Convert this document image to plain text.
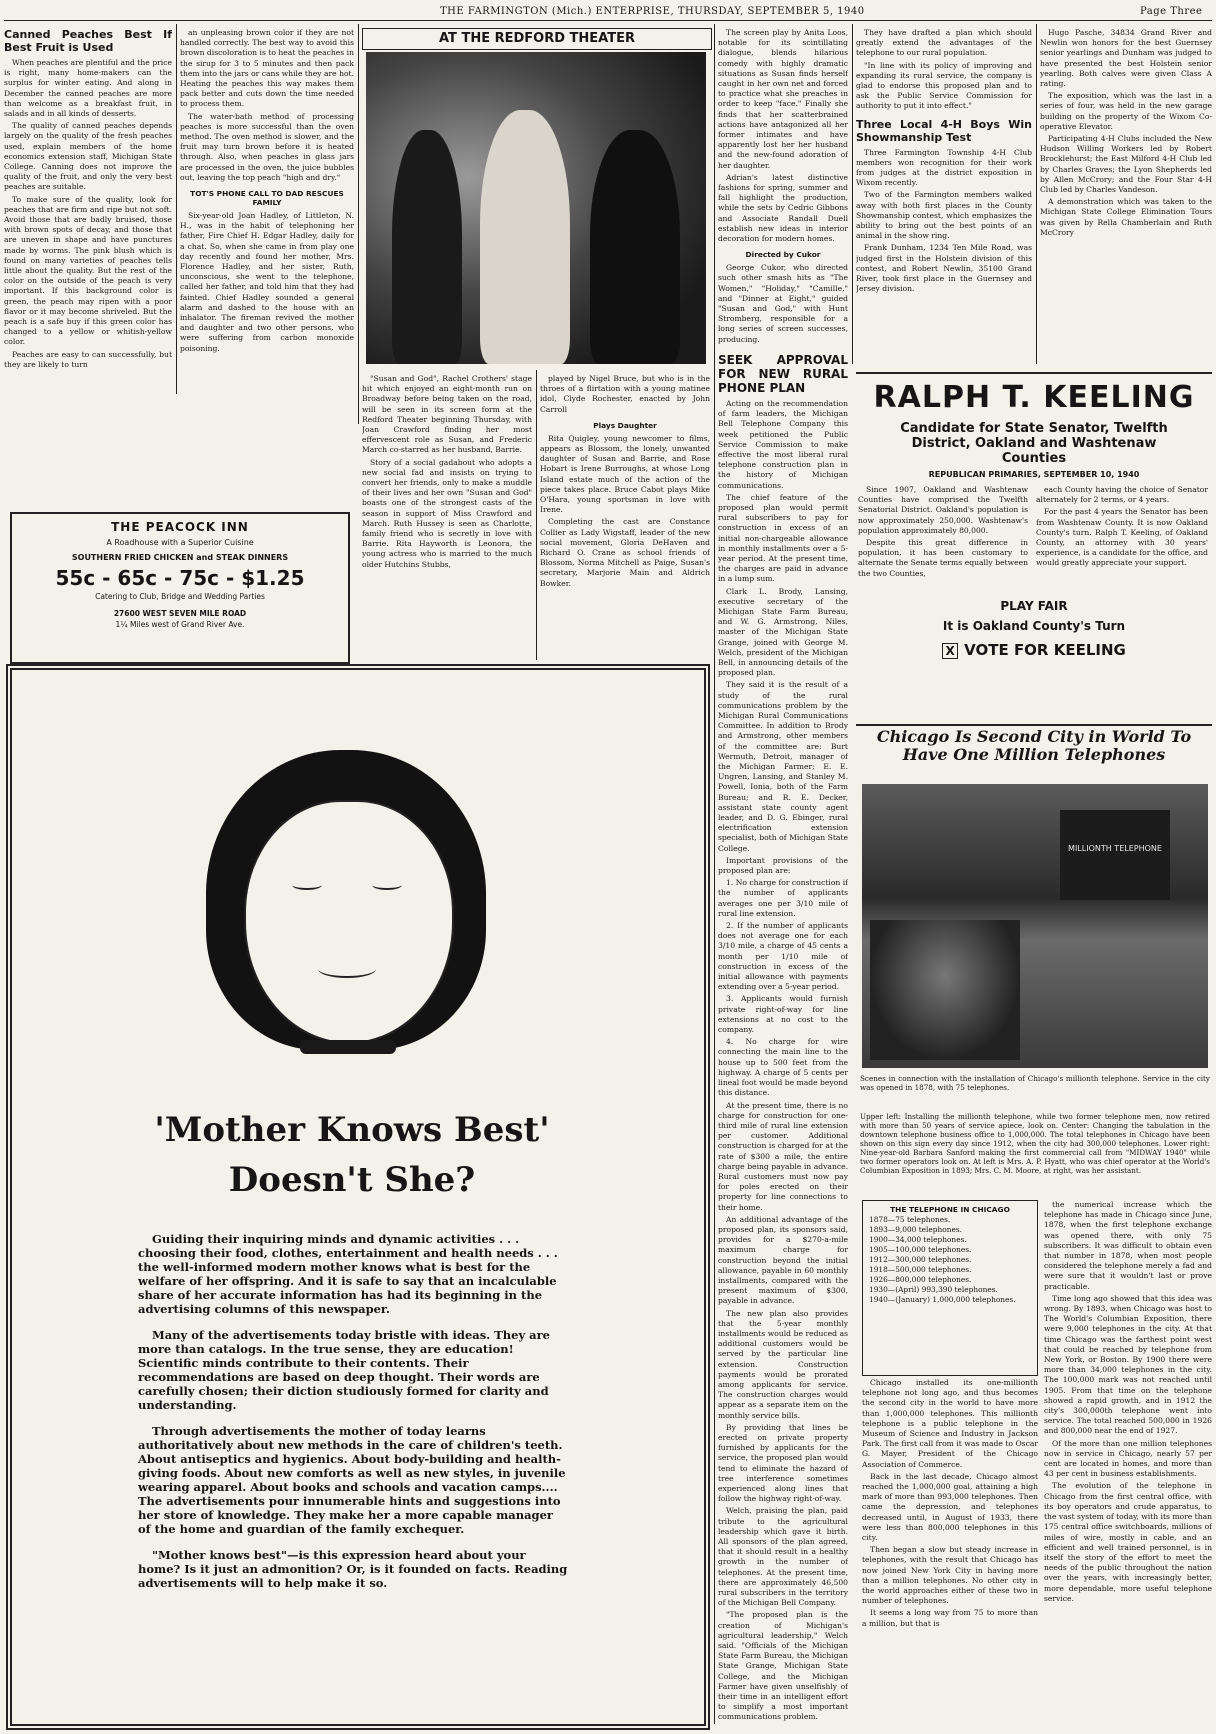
THE FARMINGTON (Mich.) ENTERPRISE, THURSDAY, SEPTEMBER 5, 1940	Page Three
Canned Peaches Best If Best Fruit is Used

When peaches are plentiful and the price is right, many home-makers can the surplus for winter eating. And along in December the canned peaches are more than welcome as a breakfast fruit, in salads and in all kinds of desserts.

The quality of canned peaches depends largely on the quality of the fresh peaches used, explain members of the home economics extension staff, Michigan State College. Canning does not improve the quality of the fruit, and only the very best peaches are suitable.

To make sure of the quality, look for peaches that are firm and ripe but not soft. Avoid those that are badly bruised, those with brown spots of decay, and those that are uneven in shape and have punctures made by worms. The pink blush which is found on many varieties of peaches tells little about the quality. But the rest of the color on the outside of the peach is very important. If this background color is green, the peach may ripen with a poor flavor or it may become shriveled. But the peach is a safe buy if this green color has changed to a yellow or whitish-yellow color.

Peaches are easy to can successfully, but they are likely to turn

an unpleasing brown color if they are not handled correctly. The best way to avoid this brown discoloration is to heat the peaches in the sirup for 3 to 5 minutes and then pack them into the jars or cans while they are hot. Heating the peaches this way makes them pack better and cuts down the time needed to process them.

The water-bath method of processing peaches is more successful than the oven method. The oven method is slower, and the fruit may turn brown before it is heated through. Also, when peaches in glass jars are processed in the oven, the juice bubbles out, leaving the top peach "high and dry."

TOT'S PHONE CALL TO DAD RESCUES FAMILY

Six-year-old Joan Hadley, of Littleton, N. H., was in the habit of telephoning her father, Fire Chief H. Edgar Hadley, daily for a chat. So, when she came in from play one day recently and found her mother, Mrs. Florence Hadley, and her sister, Ruth, unconscious, she went to the telephone, called her father, and told him that they had fainted. Chief Hadley sounded a general alarm and dashed to the house with an inhalator. The fireman revived the mother and daughter and two other persons, who were suffering from carbon monoxide poisoning.

THE PEACOCK INN
A Roadhouse with a Superior Cuisine
SOUTHERN FRIED CHICKEN and STEAK DINNERS
55c - 65c - 75c - $1.25
Catering to Club, Bridge and Wedding Parties
27600 WEST SEVEN MILE ROAD
1¼ Miles west of Grand River Ave.
AT THE REDFORD THEATER

"Susan and God", Rachel Crothers' stage hit which enjoyed an eight-month run on Broadway before being taken on the road, will be seen in its screen form at the Redford Theater beginning Thursday, with Joan Crawford finding her most effervescent role as Susan, and Frederic March co-starred as her husband, Barrie.

Story of a social gadabout who adopts a new social fad and insists on trying to convert her friends, only to make a muddle of their lives and her own "Susan and God" boasts one of the strongest casts of the season in support of Miss Crawford and March. Ruth Hussey is seen as Charlotte, family friend who is secretly in love with Barrie. Rita Hayworth is Leonora, the young actress who is married to the much older Hutchins Stubbs,

played by Nigel Bruce, but who is in the throes of a flirtation with a young matinee idol, Clyde Rochester, enacted by John Carroll

Plays Daughter

Rita Quigley, young newcomer to films, appears as Blossom, the lonely, unwanted daughter of Susan and Barrie, and Rose Hobart is Irene Burroughs, at whose Long Island estate much of the action of the piece takes place. Bruce Cabot plays Mike O'Hara, young sportsman in love with Irene.

Completing the cast are Constance Collier as Lady Wigstaff, leader of the new social movement, Gloria DeHaven and Richard O. Crane as school friends of Blossom, Norma Mitchell as Paige, Susan's secretary, Marjorie Main and Aldrich Bowker.

The screen play by Anita Loos, notable for its scintillating dialogue, blends hilarious comedy with highly dramatic situations as Susan finds herself caught in her own net and forced to practice what she preaches in order to keep "face." Finally she finds that her scatterbrained actions have antagonized all her former intimates and have apparently lost her her husband and the new-found adoration of her daughter.

Adrian's latest distinctive fashions for spring, summer and fall highlight the production, while the sets by Cedric Gibbons and Associate Randall Duell establish new ideas in interior decoration for modern homes.

Directed by Cukor

George Cukor, who directed such other smash hits as "The Women," "Holiday," "Camille," and "Dinner at Eight," guided "Susan and God," with Hunt Stromberg, responsible for a long series of screen successes, producing.

SEEK APPROVAL FOR NEW RURAL PHONE PLAN

Acting on the recommendation of farm leaders, the Michigan Bell Telephone Company this week petitioned the Public Service Commission to make effective the most liberal rural telephone construction plan in the history of Michigan communications.

The chief feature of the proposed plan would permit rural subscribers to pay for construction in excess of an initial non-chargeable allowance in monthly installments over a 5-year period. At the present time, the charges are paid in advance in a lump sum.

Clark L. Brody, Lansing, executive secretary of the Michigan State Farm Bureau, and W. G. Armstrong, Niles, master of the Michigan State Grange, joined with George M. Welch, president of the Michigan Bell, in announcing details of the proposed plan.

They said it is the result of a study of the rural communications problem by the Michigan Rural Communications Committee. In addition to Brody and Armstrong, other members of the committee are: Burt Wermuth, Detroit, manager of the Michigan Farmer; E. E. Ungren, Lansing, and Stanley M. Powell, Ionia, both of the Farm Bureau; and R. E. Decker, assistant state county agent leader, and D. G. Ebinger, rural electrification extension specialist, both of Michigan State College.

Important provisions of the proposed plan are:

1. No charge for construction if the number of applicants averages one per 3/10 mile of rural line extension.

2. If the number of applicants does not average one for each 3/10 mile, a charge of 45 cents a month per 1/10 mile of construction in excess of the initial allowance with payments extending over a 5-year period.

3. Applicants would furnish private right-of-way for line extensions at no cost to the company.

4. No charge for wire connecting the main line to the house up to 500 feet from the highway. A charge of 5 cents per lineal foot would be made beyond this distance.

At the present time, there is no charge for construction for one-third mile of rural line extension per customer. Additional construction is charged for at the rate of $300 a mile, the entire charge being payable in advance. Rural customers must now pay for poles erected on their property for line connections to their home.

An additional advantage of the proposed plan, its sponsors said, provides for a $270-a-mile maximum charge for construction beyond the initial allowance, payable in 60 monthly installments, compared with the present maximum of $300, payable in advance.

The new plan also provides that the 5-year monthly installments would be reduced as additional customers would be served by the particular line extension. Construction payments would be prorated among applicants for service. The construction charges would appear as a separate item on the monthly service bills.

By providing that lines be erected on private property furnished by applicants for the service, the proposed plan would tend to eliminate the hazard of tree interference sometimes experienced along lines that follow the highway right-of-way.

Welch, praising the plan, paid tribute to the agricultural leadership which gave it birth. All sponsors of the plan agreed, that it should result in a healthy growth in the number of telephones. At the present time, there are approximately 46,500 rural subscribers in the territory of the Michigan Bell Company.

"The proposed plan is the creation of Michigan's agricultural leadership," Welch said. "Officials of the Michigan State Farm Bureau, the Michigan State Grange, Michigan State College, and the Michigan Farmer have given unselfishly of their time in an intelligent effort to simplify a most important communications problem.

They have drafted a plan which should greatly extend the advantages of the telephone to our rural population.

"In line with its policy of improving and expanding its rural service, the company is glad to endorse this proposed plan and to ask the Public Service Commission for authority to put it into effect."

Three Local 4-H Boys Win Showmanship Test

Three Farmington Township 4-H Club members won recognition for their work from judges at the district exposition in Wixom recently.

Two of the Farmington members walked away with both first places in the County Showmanship contest, which emphasizes the ability to bring out the best points of an animal in the show ring.

Frank Dunham, 1234 Ten Mile Road, was judged first in the Holstein division of this contest, and Robert Newlin, 35100 Grand River, took first place in the Guernsey and Jersey division.

Hugo Pasche, 34834 Grand River and Newlin won honors for the best Guernsey senior yearlings and Dunham was judged to have presented the best Holstein senior yearling. Both calves were given Class A rating.

The exposition, which was the last in a series of four, was held in the new garage building on the property of the Wixom Co-operative Elevator.

Participating 4-H Clubs included the New Hudson Willing Workers led by Robert Brocklehurst; the East Milford 4-H Club led by Charles Graves; the Lyon Shepherds led by Allen McCrory; and the Four Star 4-H Club led by Charles Vandeson.

A demonstration which was taken to the Michigan State College Elimination Tours was given by Rella Chamberlain and Ruth McCrory

RALPH T. KEELING
Candidate for State Senator, Twelfth District, Oakland and Washtenaw Counties
REPUBLICAN PRIMARIES, SEPTEMBER 10, 1940

Since 1907, Oakland and Washtenaw Counties have comprised the Twelfth Senatorial District. Oakland's population is now approximately 250,000. Washtenaw's population approximately 80,000.

Despite this great difference in population, it has been customary to alternate the Senate terms equally between the two Counties,

each County having the choice of Senator alternately for 2 terms, or 4 years.

For the past 4 years the Senator has been from Washtenaw County. It is now Oakland County's turn. Ralph T. Keeling, of Oakland County, an attorney with 30 years' experience, is a candidate for the office, and would greatly appreciate your support.

PLAY FAIR
It is Oakland County's Turn
X VOTE FOR KEELING
Chicago Is Second City in World To Have One Million Telephones
MILLIONTH TELEPHONE
Scenes in connection with the installation of Chicago's millionth telephone. Service in the city was opened in 1878, with 75 telephones.
Upper left: Installing the millionth telephone, while two former telephone men, now retired with more than 50 years of service apiece, look on. Center: Changing the tabulation in the downtown telephone business office to 1,000,000. The total telephones in Chicago have been shown on this sign every day since 1912, when the city had 300,000 telephones. Lower right: Nine-year-old Barbara Sanford making the first commercial call from "MIDWAY 1940" while two former operators look on. At left is Mrs. A. P. Hyatt, who was chief operator at the World's Columbian Exposition in 1893; Mrs. C. M. Moore, at right, was her assistant.
THE TELEPHONE IN CHICAGO
1878—75 telephones.
1893—9,000 telephones.
1900—34,000 telephones.
1905—100,000 telephones.
1912—300,000 telephones.
1918—500,000 telephones.
1926—800,000 telephones.
1930—(April) 993,390 telephones.
1940—(January) 1,000,000 telephones.

Chicago installed its one-millionth telephone not long ago, and thus becomes the second city in the world to have more than 1,000,000 telephones. This millionth telephone is a public telephone in the Museum of Science and Industry in Jackson Park. The first call from it was made to Oscar G. Mayer, President of the Chicago Association of Commerce.

Back in the last decade, Chicago almost reached the 1,000,000 goal, attaining a high mark of more than 993,000 telephones. Then came the depression, and telephones decreased until, in August of 1933, there were less than 800,000 telephones in this city.

Then began a slow but steady increase in telephones, with the result that Chicago has now joined New York City in having more than a million telephones. No other city in the world approaches either of these two in number of telephones.

It seems a long way from 75 to more than a million, but that is

the numerical increase which the telephone has made in Chicago since June, 1878, when the first telephone exchange was opened there, with only 75 subscribers. It was difficult to obtain even that number in 1878, when most people considered the telephone merely a fad and were sure that it wouldn't last or prove practicable.

Time long ago showed that this idea was wrong. By 1893, when Chicago was host to The World's Columbian Exposition, there were 9,000 telephones in the city. At that time Chicago was the farthest point west that could be reached by telephone from New York, or Boston. By 1900 there were more than 34,000 telephones in the city. The 100,000 mark was not reached until 1905. From that time on the telephone showed a rapid growth, and in 1912 the city's 300,000th telephone went into service. The total reached 500,000 in 1926 and 800,000 near the end of 1927.

Of the more than one million telephones now in service in Chicago, nearly 57 per cent are located in homes, and more than 43 per cent in business establishments.

The evolution of the telephone in Chicago from the first central office, with its boy operators and crude apparatus, to the vast system of today, with its more than 175 central office switchboards, millions of miles of wire, mostly in cable, and an efficient and well trained personnel, is in itself the story of the effort to meet the needs of the public throughout the nation over the years, with increasingly better, more dependable, more useful telephone service.

'Mother Knows Best'
Doesn't She?

Guiding their inquiring minds and dynamic activities . . . choosing their food, clothes, entertainment and health needs . . . the well-informed modern mother knows what is best for the welfare of her offspring. And it is safe to say that an incalculable share of her accurate information has had its beginning in the advertising columns of this newspaper.

Many of the advertisements today bristle with ideas. They are more than catalogs. In the true sense, they are education! Scientific minds contribute to their contents. Their recommendations are based on deep thought. Their words are carefully chosen; their diction studiously formed for clarity and understanding.

Through advertisements the mother of today learns authoritatively about new methods in the care of children's teeth. About antiseptics and hygienics. About body-building and health-giving foods. About new comforts as well as new styles, in juvenile wearing apparel. About books and schools and vacation camps.... The advertisements pour innumerable hints and suggestions into her store of knowledge. They make her a more capable manager of the home and guardian of the family exchequer.

"Mother knows best"—is this expression heard about your home? Is it just an admonition? Or, is it founded on facts. Reading advertisements will to help make it so.
